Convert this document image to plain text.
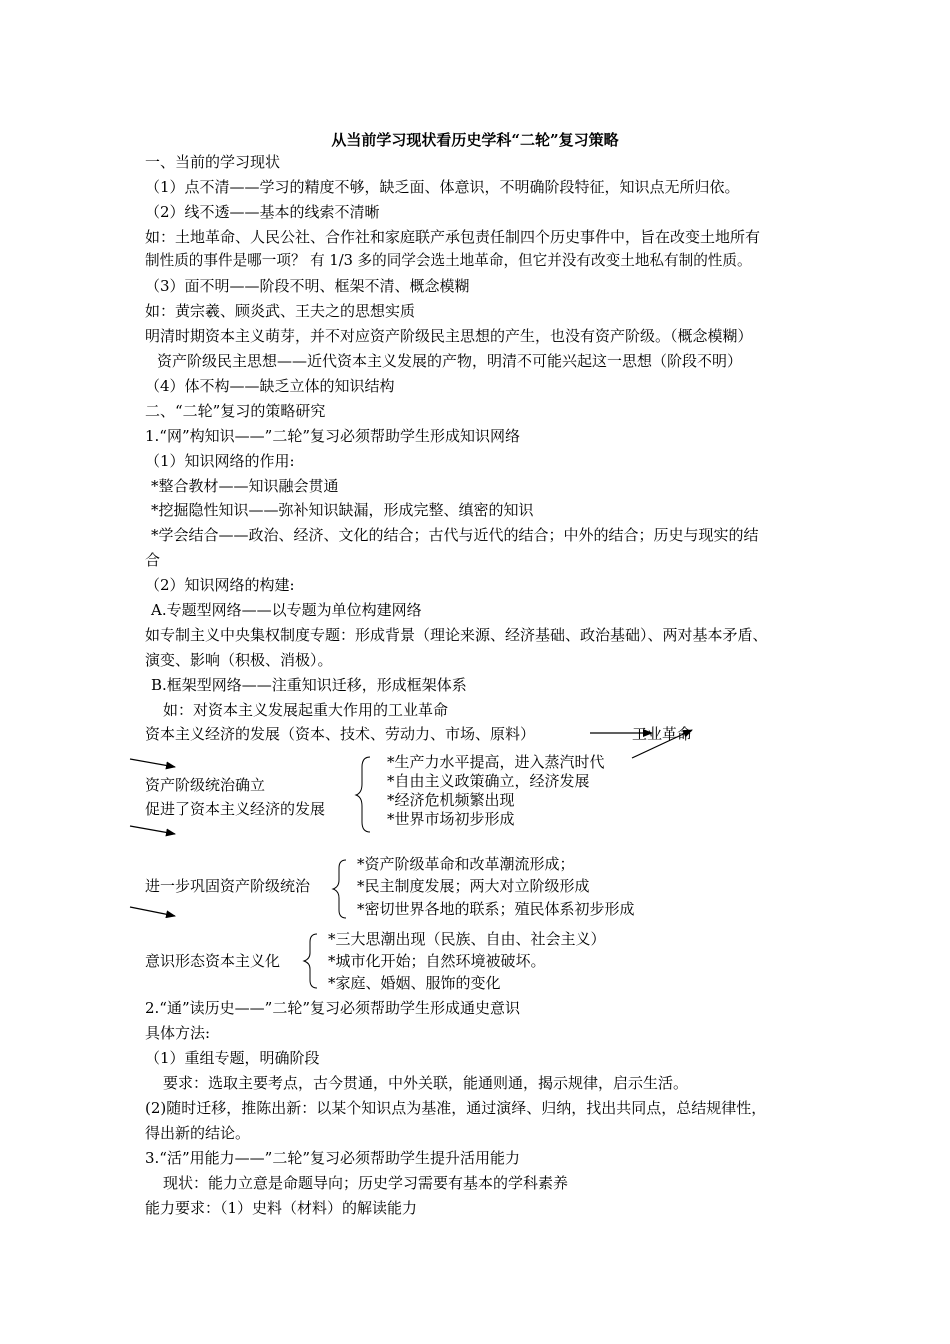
从当前学习现状看历史学科“二轮”复习策略
一、当前的学习现状
（1）点不清——学习的精度不够，缺乏面、体意识，不明确阶段特征，知识点无所归依。
（2）线不透——基本的线索不清晰
如：土地革命、人民公社、合作社和家庭联产承包责任制四个历史事件中，旨在改变土地所有
制性质的事件是哪一项？ 有 1/3 多的同学会选土地革命，但它并没有改变土地私有制的性质。
（3）面不明——阶段不明、框架不清、概念模糊
如：黄宗羲、顾炎武、王夫之的思想实质
明清时期资本主义萌芽，并不对应资产阶级民主思想的产生，也没有资产阶级。（概念模糊）
资产阶级民主思想——近代资本主义发展的产物，明清不可能兴起这一思想（阶段不明）
（4）体不构——缺乏立体的知识结构
二、“二轮”复习的策略研究
1.“网”构知识——”二轮”复习必须帮助学生形成知识网络
（1）知识网络的作用:
*整合教材——知识融会贯通
*挖掘隐性知识——弥补知识缺漏，形成完整、缜密的知识
*学会结合——政治、经济、文化的结合；古代与近代的结合；中外的结合；历史与现实的结
合
（2）知识网络的构建:
A.专题型网络——以专题为单位构建网络
如专制主义中央集权制度专题：形成背景（理论来源、经济基础、政治基础）、两对基本矛盾、
演变、影响（积极、消极）。
B.框架型网络——注重知识迁移，形成框架体系
如：对资本主义发展起重大作用的工业革命
资本主义经济的发展（资本、技术、劳动力、市场、原料）	工业革命
资产阶级统治确立
促进了资本主义经济的发展
*生产力水平提高，进入蒸汽时代
*自由主义政策确立，经济发展
*经济危机频繁出现
*世界市场初步形成
进一步巩固资产阶级统治
*资产阶级革命和改革潮流形成；
*民主制度发展；两大对立阶级形成
*密切世界各地的联系；殖民体系初步形成
意识形态资本主义化
*三大思潮出现（民族、自由、社会主义）
*城市化开始；自然环境被破坏。
*家庭、婚姻、服饰的变化
2.“通”读历史——”二轮”复习必须帮助学生形成通史意识
具体方法:
（1）重组专题，明确阶段
要求：选取主要考点，古今贯通，中外关联，能通则通，揭示规律，启示生活。
(2)随时迁移，推陈出新：以某个知识点为基准，通过演绎、归纳，找出共同点，总结规律性，
得出新的结论。
3.“活”用能力——”二轮”复习必须帮助学生提升活用能力
现状：能力立意是命题导向；历史学习需要有基本的学科素养
能力要求：（1）史料（材料）的解读能力
